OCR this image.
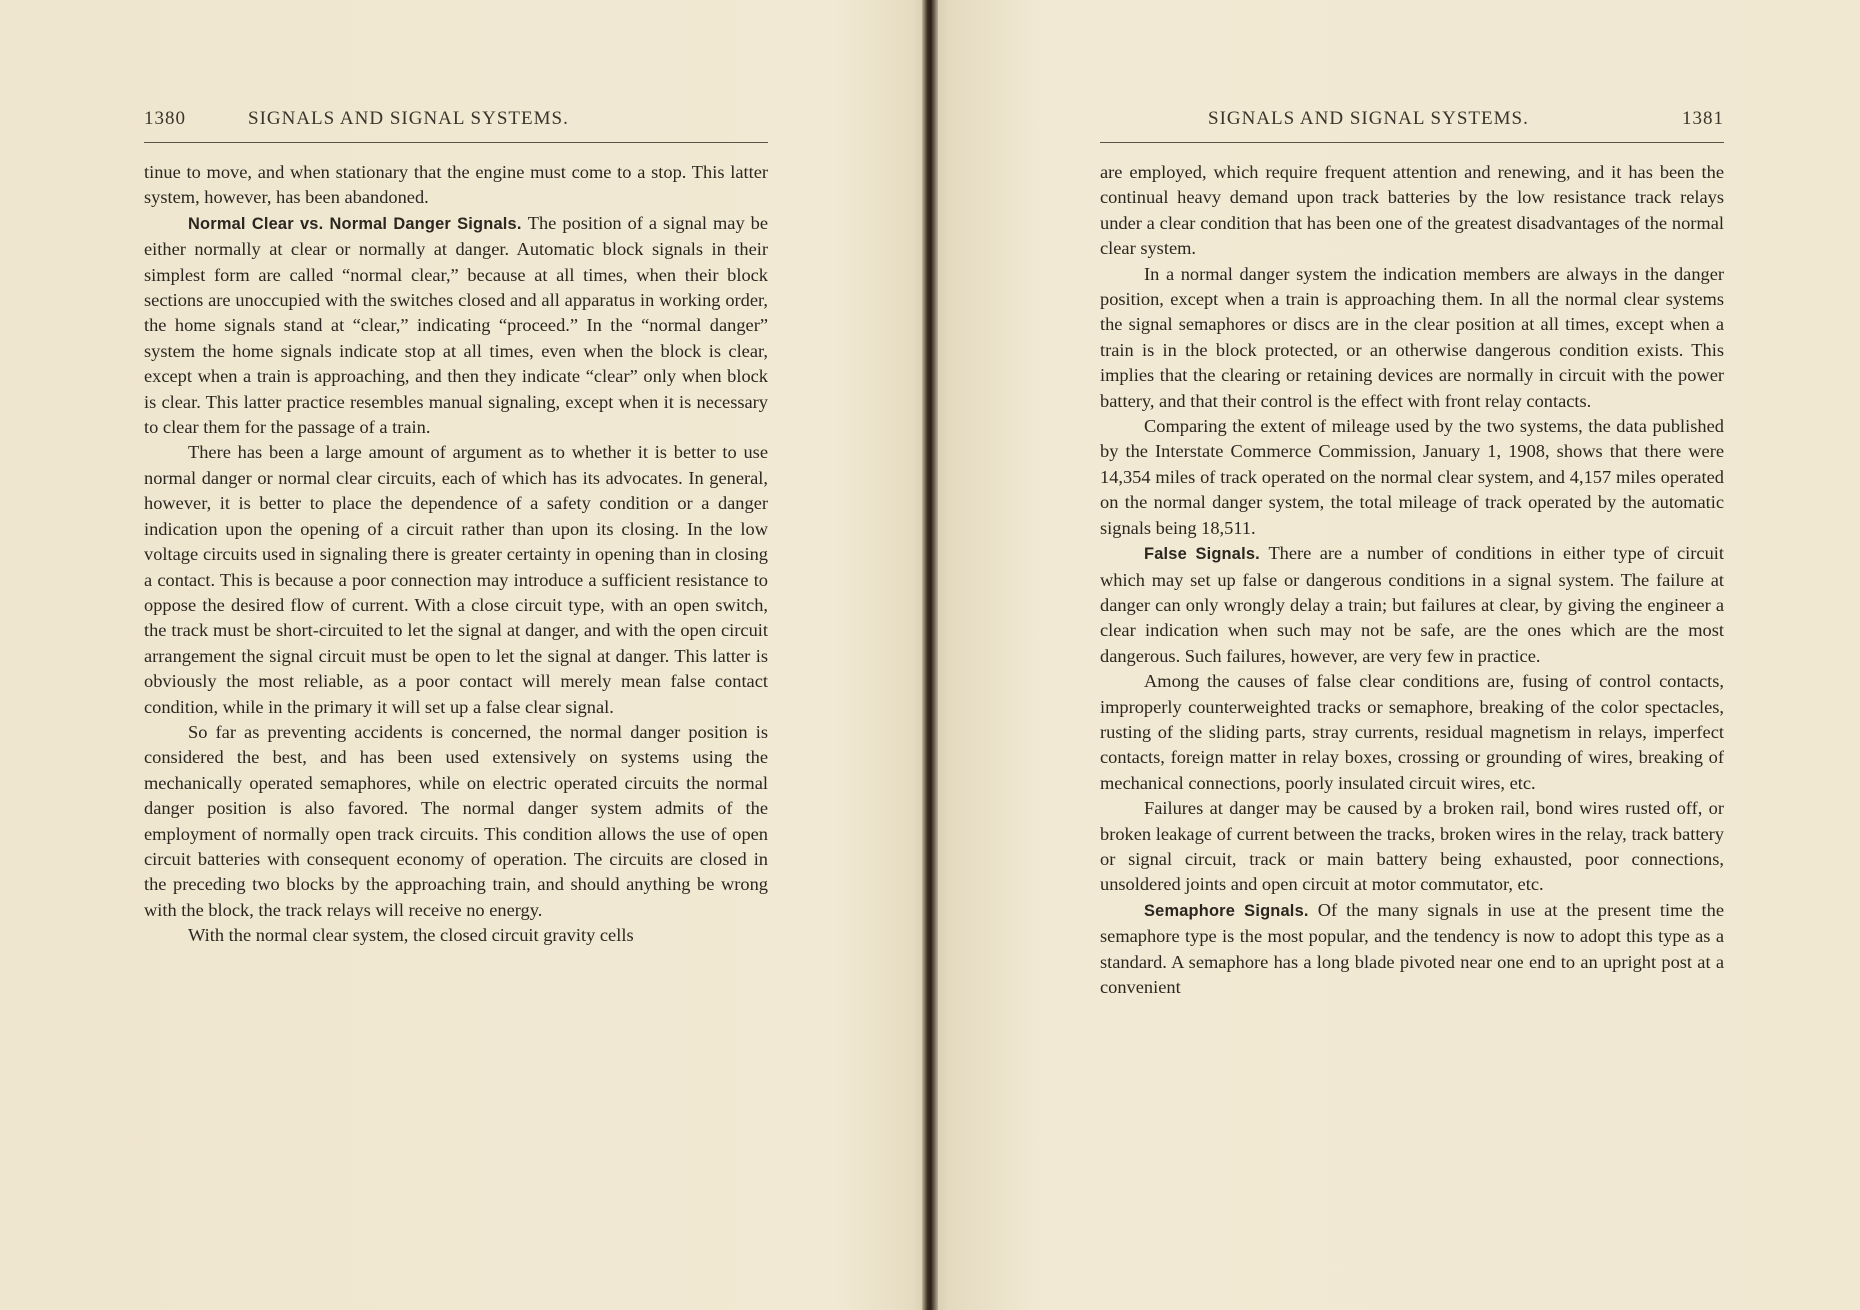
1380	SIGNALS AND SIGNAL SYSTEMS.

tinue to move, and when stationary that the engine must come to a stop. This latter system, however, has been abandoned.

Normal Clear vs. Normal Danger Signals. The position of a signal may be either normally at clear or normally at danger. Automatic block signals in their simplest form are called “normal clear,” because at all times, when their block sections are unoccupied with the switches closed and all apparatus in working order, the home signals stand at “clear,” indicating “proceed.” In the “normal danger” system the home signals indicate stop at all times, even when the block is clear, except when a train is approaching, and then they indicate “clear” only when block is clear. This latter practice resembles manual signaling, except when it is necessary to clear them for the passage of a train.

There has been a large amount of argument as to whether it is better to use normal danger or normal clear circuits, each of which has its advocates. In general, however, it is better to place the dependence of a safety condition or a danger indication upon the opening of a circuit rather than upon its closing. In the low voltage circuits used in signaling there is greater certainty in opening than in closing a contact. This is because a poor connection may introduce a sufficient resistance to oppose the desired flow of current. With a close circuit type, with an open switch, the track must be short-circuited to let the signal at danger, and with the open circuit arrangement the signal circuit must be open to let the signal at danger. This latter is obviously the most reliable, as a poor contact will merely mean false contact condition, while in the primary it will set up a false clear signal.

So far as preventing accidents is concerned, the normal danger position is considered the best, and has been used extensively on systems using the mechanically operated semaphores, while on electric operated circuits the normal danger position is also favored. The normal danger system admits of the employment of normally open track circuits. This condition allows the use of open circuit batteries with consequent economy of operation. The circuits are closed in the preceding two blocks by the approaching train, and should anything be wrong with the block, the track relays will receive no energy.

With the normal clear system, the closed circuit gravity cells

SIGNALS AND SIGNAL SYSTEMS.	1381

are employed, which require frequent attention and renewing, and it has been the continual heavy demand upon track batteries by the low resistance track relays under a clear condition that has been one of the greatest disadvantages of the normal clear system.

In a normal danger system the indication members are always in the danger position, except when a train is approaching them. In all the normal clear systems the signal semaphores or discs are in the clear position at all times, except when a train is in the block protected, or an otherwise dangerous condition exists. This implies that the clearing or retaining devices are normally in circuit with the power battery, and that their control is the effect with front relay contacts.

Comparing the extent of mileage used by the two systems, the data published by the Interstate Commerce Commission, January 1, 1908, shows that there were 14,354 miles of track operated on the normal clear system, and 4,157 miles operated on the normal danger system, the total mileage of track operated by the automatic signals being 18,511.

False Signals. There are a number of conditions in either type of circuit which may set up false or dangerous conditions in a signal system. The failure at danger can only wrongly delay a train; but failures at clear, by giving the engineer a clear indication when such may not be safe, are the ones which are the most dangerous. Such failures, however, are very few in practice.

Among the causes of false clear conditions are, fusing of control contacts, improperly counterweighted tracks or semaphore, breaking of the color spectacles, rusting of the sliding parts, stray currents, residual magnetism in relays, imperfect contacts, foreign matter in relay boxes, crossing or grounding of wires, breaking of mechanical connections, poorly insulated circuit wires, etc.

Failures at danger may be caused by a broken rail, bond wires rusted off, or broken leakage of current between the tracks, broken wires in the relay, track battery or signal circuit, track or main battery being exhausted, poor connections, unsoldered joints and open circuit at motor commutator, etc.

Semaphore Signals. Of the many signals in use at the present time the semaphore type is the most popular, and the tendency is now to adopt this type as a standard. A semaphore has a long blade pivoted near one end to an upright post at a convenient
